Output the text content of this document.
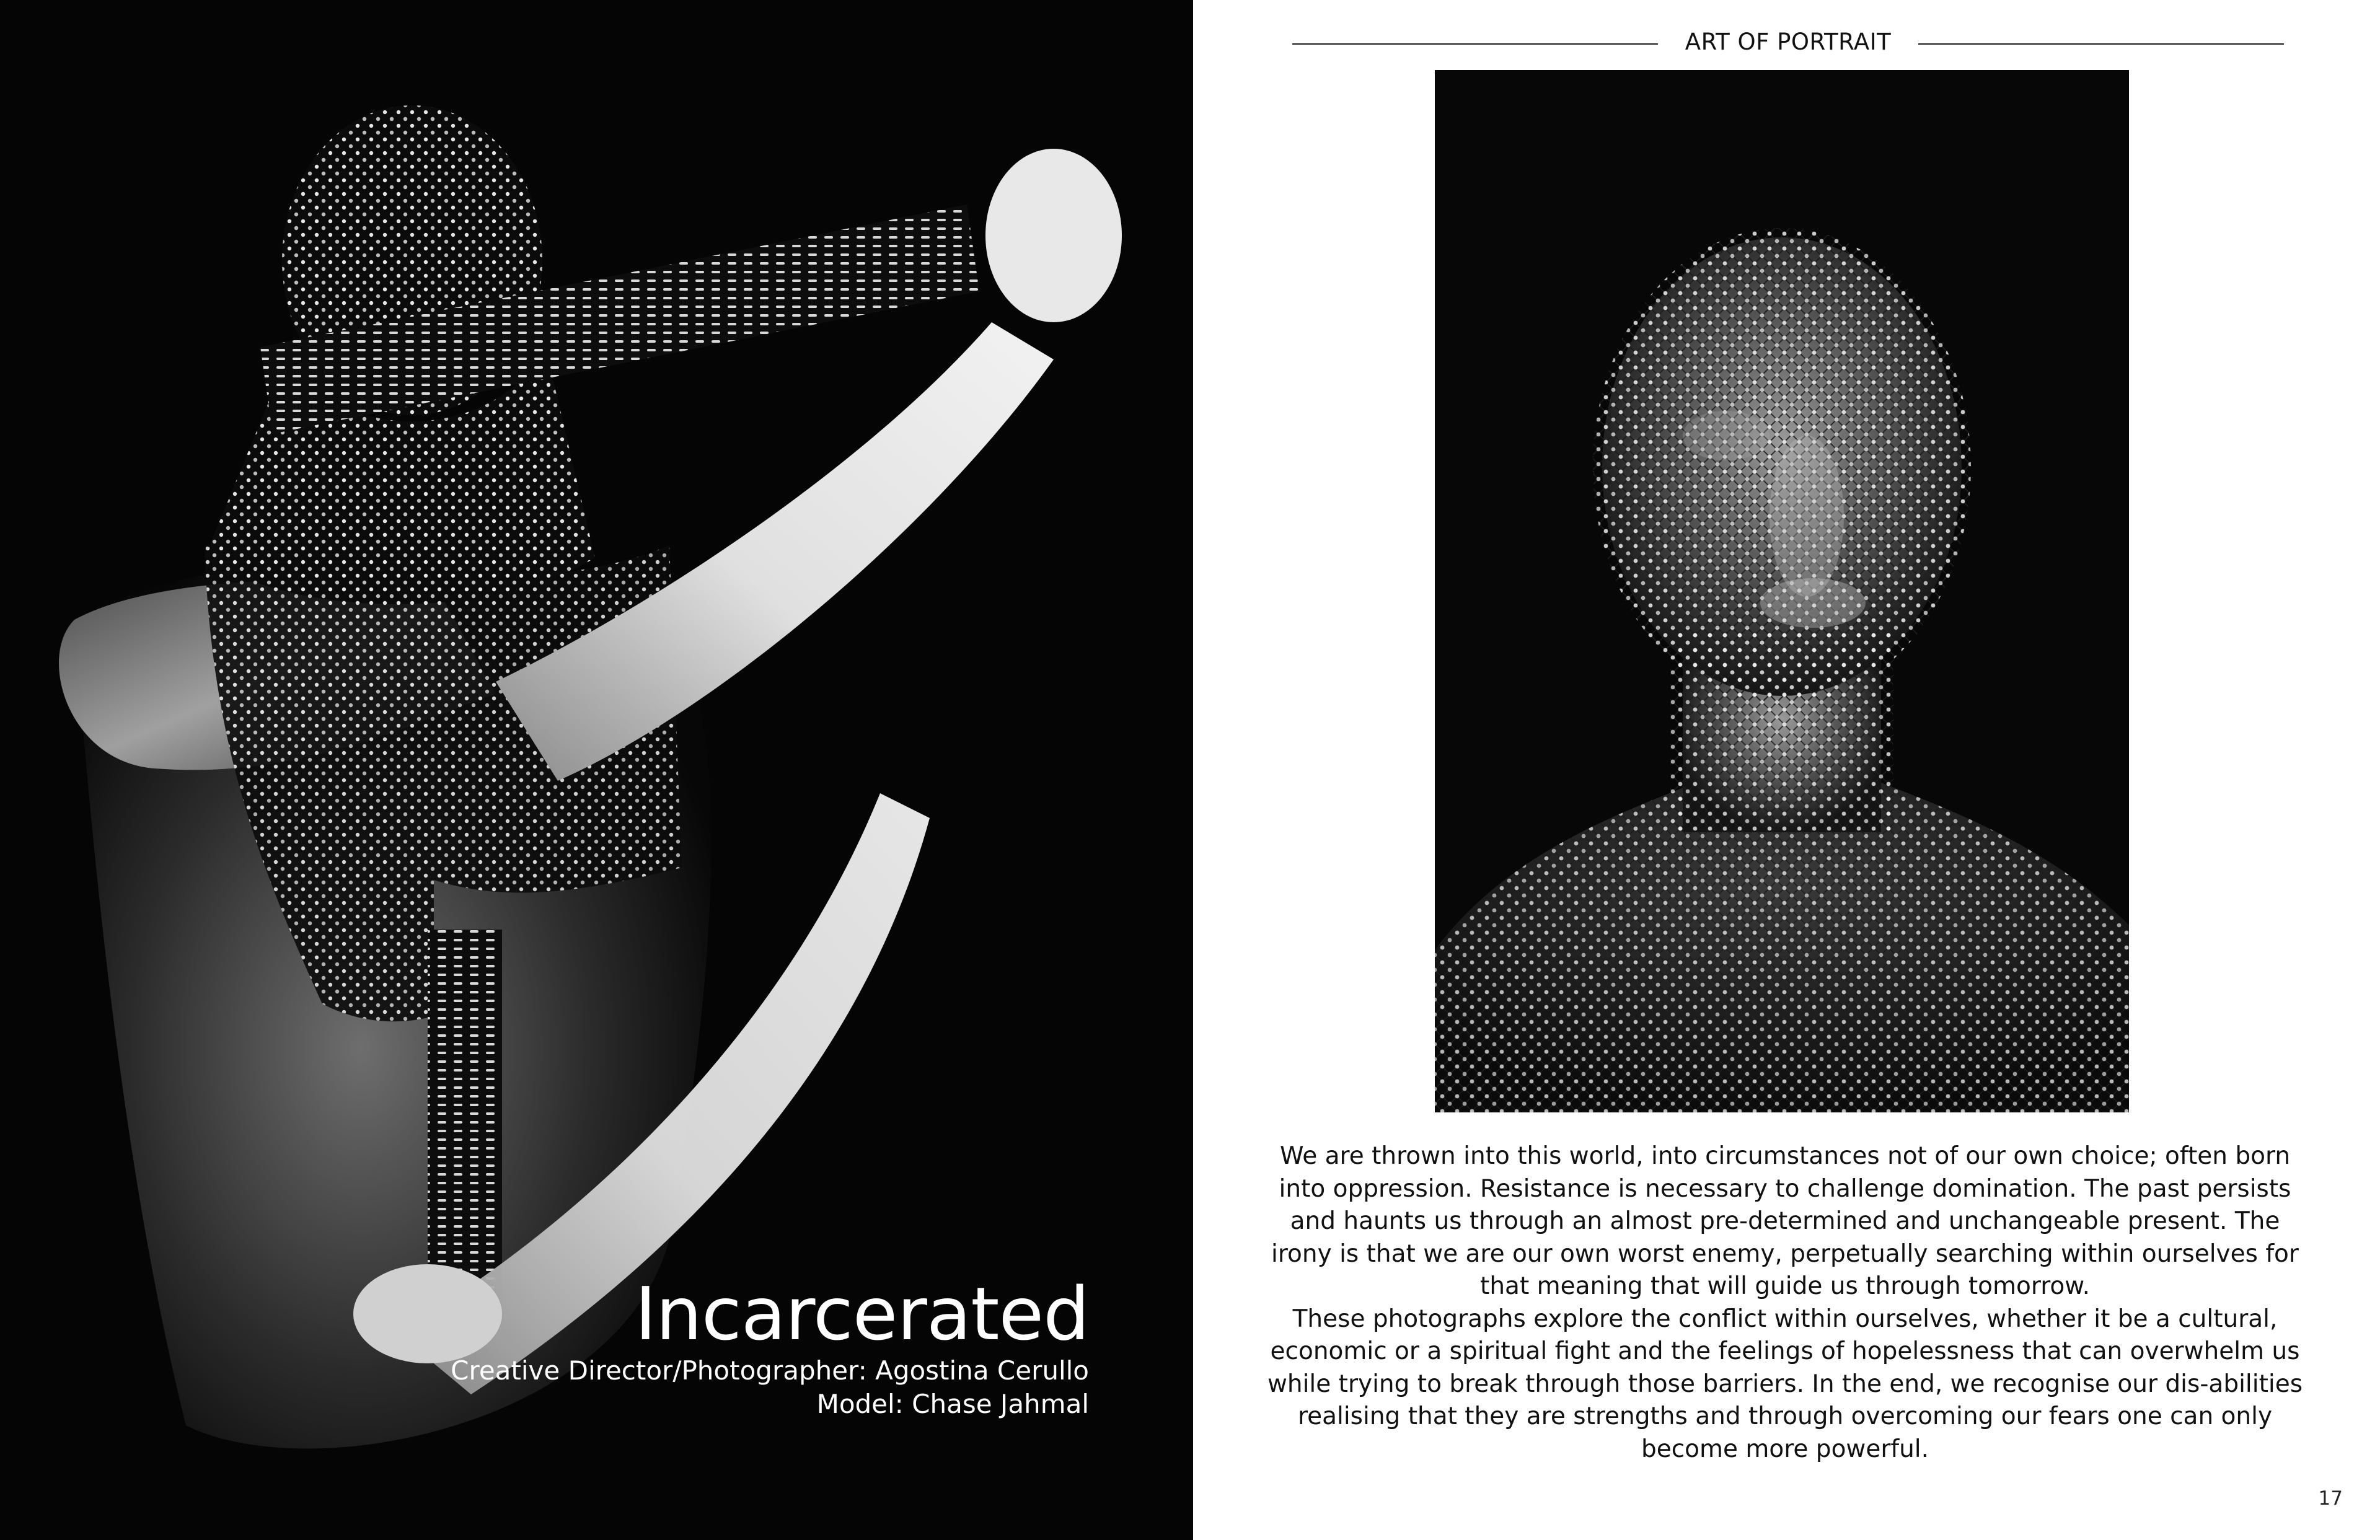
Incarcerated
Creative Director/Photographer: Agostina Cerullo
Model: Chase Jahmal
ART OF PORTRAIT

We are thrown into this world, into circumstances not of our own choice; often born into oppression. Resistance is necessary to challenge domination. The past persists and haunts us through an almost pre-determined and unchangeable present. The irony is that we are our own worst enemy, perpetually searching within ourselves for that meaning that will guide us through tomorrow.

These photographs explore the conflict within ourselves, whether it be a cultural, economic or a spiritual fight and the feelings of hopelessness that can overwhelm us while trying to break through those barriers. In the end, we recognise our dis-abilities realising that they are strengths and through overcoming our fears one can only become more powerful.

17
